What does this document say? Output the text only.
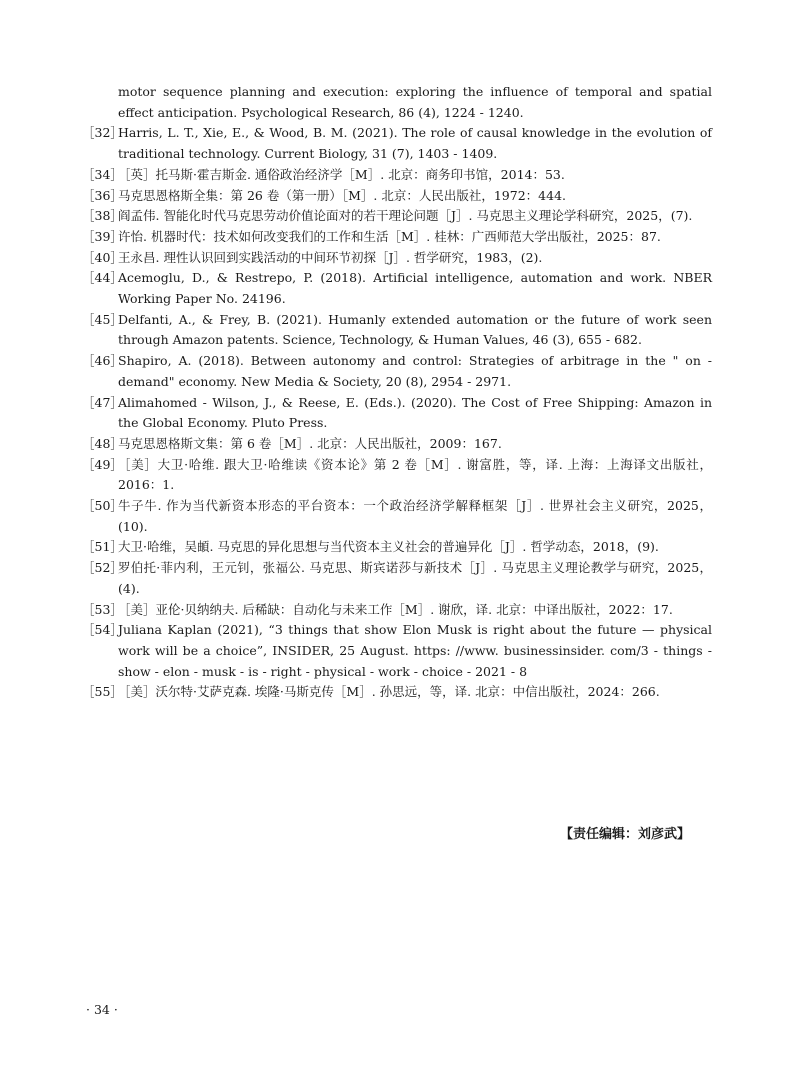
motor sequence planning and execution: exploring the influence of temporal and spatial effect anticipation. Psychological Research, 86 (4), 1224 - 1240.

［32］
Harris, L. T., Xie, E., & Wood, B. M. (2021). The role of causal knowledge in the evolution of traditional technology. Current Biology, 31 (7), 1403 - 1409.

［34］
［英］托马斯·霍吉斯金. 通俗政治经济学［M］. 北京：商务印书馆，2014：53.

［36］
马克思恩格斯全集：第 26 卷（第一册）［M］. 北京：人民出版社，1972：444.

［38］
阎孟伟. 智能化时代马克思劳动价值论面对的若干理论问题［J］. 马克思主义理论学科研究，2025，(7).

［39］
许怡. 机器时代：技术如何改变我们的工作和生活［M］. 桂林：广西师范大学出版社，2025：87.

［40］
王永昌. 理性认识回到实践活动的中间环节初探［J］. 哲学研究，1983，(2).

［44］
Acemoglu, D., & Restrepo, P. (2018). Artificial intelligence, automation and work. NBER Working Paper No. 24196.

［45］
Delfanti, A., & Frey, B. (2021). Humanly extended automation or the future of work seen through Amazon patents. Science, Technology, & Human Values, 46 (3), 655 - 682.

［46］
Shapiro, A. (2018). Between autonomy and control: Strategies of arbitrage in the " on - demand" economy. New Media & Society, 20 (8), 2954 - 2971.

［47］
Alimahomed - Wilson, J., & Reese, E. (Eds.). (2020). The Cost of Free Shipping: Amazon in the Global Economy. Pluto Press.

［48］
马克思恩格斯文集：第 6 卷［M］. 北京：人民出版社，2009：167.

［49］
［美］大卫·哈维. 跟大卫·哈维读《资本论》第 2 卷［M］. 谢富胜，等，译. 上海：上海译文出版社，2016：1.

［50］
牛子牛. 作为当代新资本形态的平台资本：一个政治经济学解释框架［J］. 世界社会主义研究，2025，(10).

［51］
大卫·哈维，吴頔. 马克思的异化思想与当代资本主义社会的普遍异化［J］. 哲学动态，2018，(9).

［52］
罗伯托·菲内利，王元钊，张福公. 马克思、斯宾诺莎与新技术［J］. 马克思主义理论教学与研究，2025，(4).

［53］
［美］亚伦·贝纳纳夫. 后稀缺：自动化与未来工作［M］. 谢欣，译. 北京：中译出版社，2022：17.

［54］
Juliana Kaplan (2021), “3 things that show Elon Musk is right about the future — physical work will be a choice”, INSIDER, 25 August. https: //www. businessinsider. com/3 - things - show - elon - musk - is - right - physical - work - choice - 2021 - 8

［55］
［美］沃尔特·艾萨克森. 埃隆·马斯克传［M］. 孙思远，等，译. 北京：中信出版社，2024：266.

【责任编辑：刘彦武】
· 34 ·
